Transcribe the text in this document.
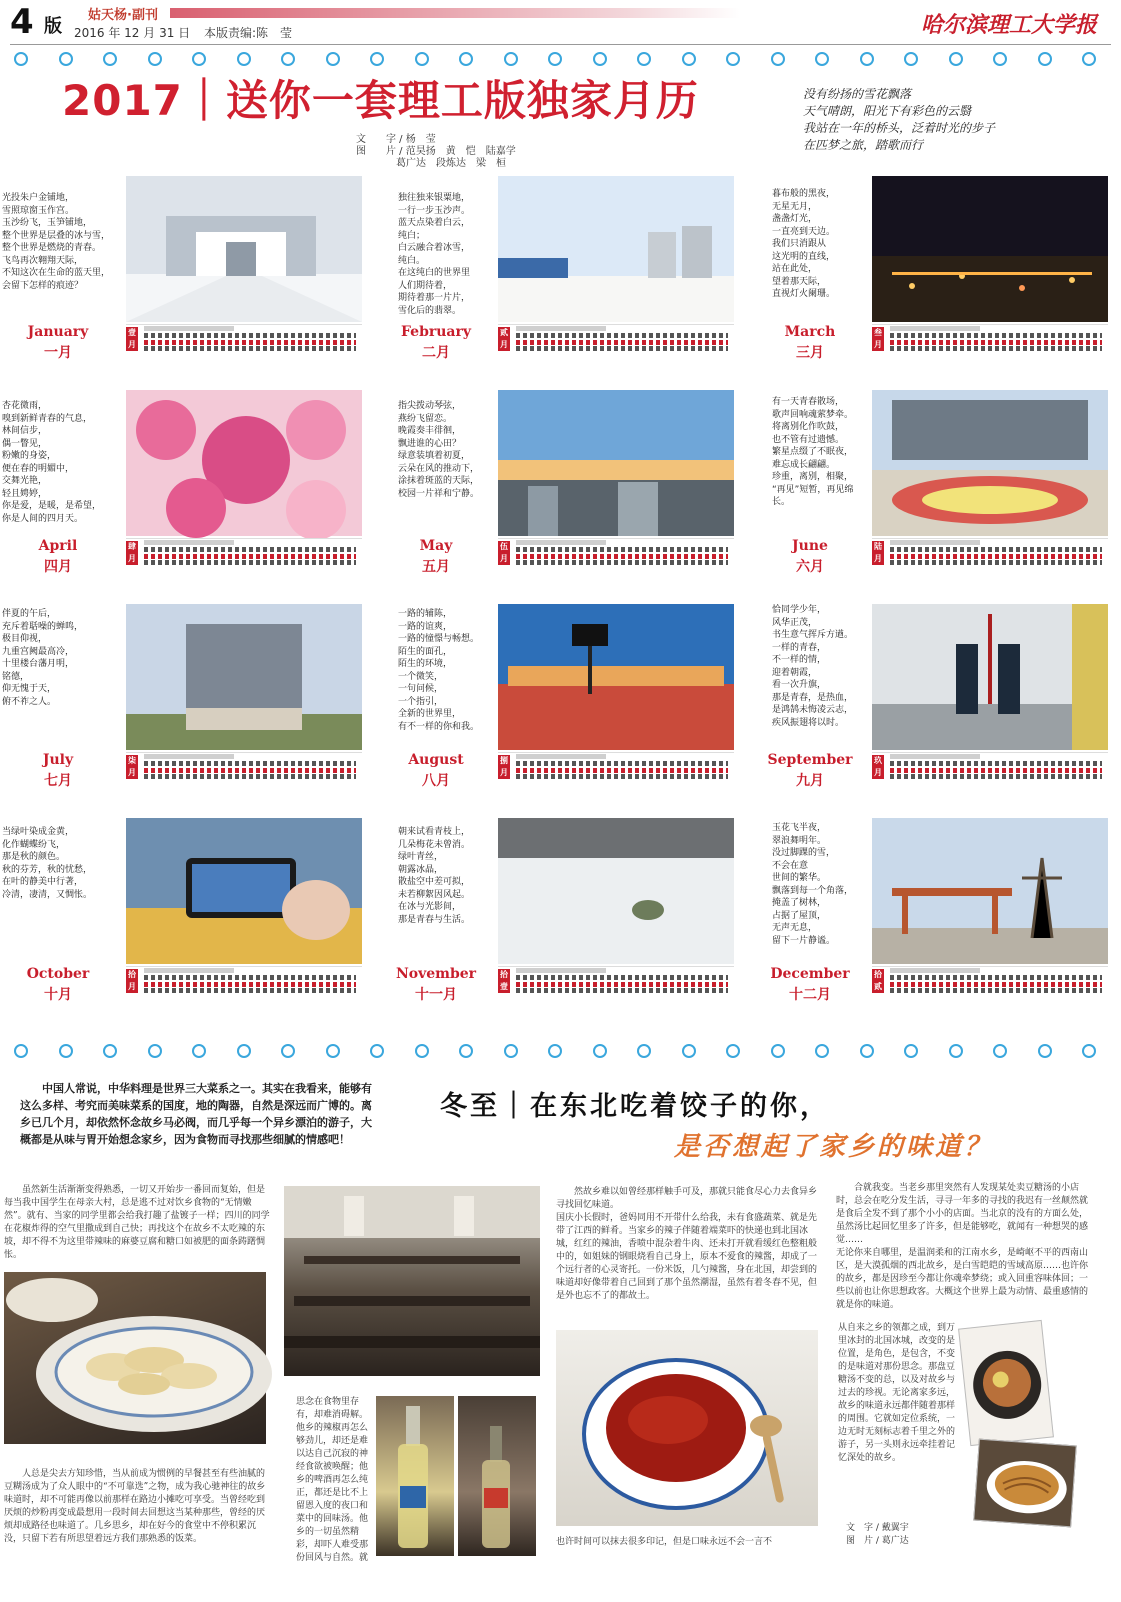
4 版
姑天杨·副刊
2016 年 12 月 31 日 本版责编:陈　莹	哈尔滨理工大学报
2017｜送你一套理工版独家月历
文　　字 / 杨　莹
图　　片 / 范昊扬　黄　恺　陆嘉学
　　　　葛广达　段炼达　梁　桓
没有纷扬的雪花飘落
天气晴朗，阳光下有彩色的云翳
我站在一年的桥头，泛着时光的步子
在匹梦之旅，踏歌而行
光投朱户金铺地，
雪照琼窗玉作宫。
玉沙纷飞，玉笋铺地，
整个世界是层叠的冰与雪，
整个世界是燃烧的青春。
飞鸟再次翱翔天际，
不知这次在生命的蓝天里，
会留下怎样的痕迹？
January
一月
壹月
独往独来银粟地，
一行一步玉沙声。
蓝天点染着白云，
纯白；
白云融合着冰雪，
纯白。
在这纯白的世界里
人们期待着，
期待着那一片片，
雪化后的翡翠。
February
二月
贰月
暮布般的黑夜，
无星无月，
盏盏灯光，
一直亮到天边。
我们只消跟从
这光明的直线，
站在此处，
望着那天际，
直视灯火阑珊。
March
三月
叁月
杏花微雨，
嗅到新鲜青春的气息，
林间信步，
偶一瞥见，
粉嫩的身姿，
便在春的明媚中，
交舞光艳，
轻且娉婷，
你是爱，是暖，是希望，
你是人间的四月天。
April
四月
肆月
指尖拨动琴弦，
燕纷飞留恋。
晚霞奏丰徘徊，
飘进谁的心田？
绿意装填着初夏，
云朵在风的推动下，
涂抹着斑蓝的天际，
校园一片祥和宁静。
May
五月
伍月
有一天青春散场，
歌声回响魂萦梦牵。
将离别化作吹鼓，
也不管有过遗憾。
繁星点缀了不眠夜，
难忘成长翩翩。
珍重，离别，相聚，
“再见”短暂，再见绵长。
June
六月
陆月
伴夏的午后，
充斥着聒噪的蝉鸣，
极目仰视，
九重宫阙最高冷，
十里楼台藩月明，
铭德，
仰无愧于天，
俯不祚之人。
July
七月
柒月
一路的辅陈，
一路的谊爽，
一路的憧憬与畅想。
陌生的面孔，
陌生的环境，
一个微笑，
一句问候，
一个指引，
全新的世界里，
有不一样的你和我。
August
八月
捌月
恰同学少年，
风华正茂，
书生意气挥斥方遒。
一样的青春，
不一样的情，
迎着朝霞，
看一次升旗，
那是青春，是热血，
是鸿鹄未悔凌云志，
疾风振翅将以时。
September
九月
玖月
当绿叶染成金黄，
化作蝴蝶纷飞，
那是秋的颜色。
秋的芬芳，秋的忧愁，
在叶的静美中行著，
冷清，凄清，又惆怅。
October
十月
拾月
朝来试看青枝上，
几朵梅花未曾消。
绿叶青丝，
朝露冰晶，
散盐空中差可拟，
未若柳絮因风起。
在冰与光影间，
那是青春与生活。
November
十一月
拾壹
玉花飞半夜，
翠浪舞明年。
没过脚踝的雪，
不会在意
世间的繁华。
飘落到每一个角落，
掩盖了树林，
占据了屋顶，
无声无息，
留下一片静谧。
December
十二月
拾贰
中国人常说，中华料理是世界三大菜系之一。其实在我看来，能够有这么多样、考究而美味菜系的国度，地的陶器，自然是深远而广博的。离乡已几个月，却依然怀念故乡马必阀，而几乎每一个异乡漂泊的游子，大概都是从味与胃开始想念家乡，因为食物而寻找那些细腻的情感吧！
冬至｜在东北吃着饺子的你，
是否想起了家乡的味道？
虽然新生活渐渐变得熟悉，一切又开始步一番回而复始，但是每当我中国学生在母亲大村，总是逃不过对饮乡食物的“无情嫩然”。就有、当家的同学里都会给我打趣了盐镀子一样；四川的同学在花椒炸得的空气里撒成到自己快；再找这个在故乡不太吃辣的东坡，却不得不为这里带辣味的麻婆豆腐和糖口如被肥的面条踌躇惆怅。
人总是尖去方知珍惜，当从前成为惯例的早餐甚至有些油腻的豆糊汤成为了众人眼中的“不可靠选”之物，成为我心驰神往的故乡味道时，却不可能再像以前那样在路边小摊吃可享受。当曾经吃到厌烦的炒粉再变成最想用一段时间去回想这当某种那些，曾经的厌烦却成路径也味道了。几乡思乡，却在好今的食堂中不停积累沉没，只留下若有所思望着远方我们那熟悉的饭菜。
思念在食物里存有，却难消碍解。他乡的辣椒再怎么够劲儿，却还是难以达自己沉寂的神经食欲被唤醒；他乡的啤酒再怎么纯正，都还是比不上留恩入度的夜口和菜中的回味汤。他乡的一切虽然精彩，却吓人难受那份回风与自然。就
然故乡难以如曾经那样触手可及，那就只能食尽心力去食异乡寻找回忆味道。
国庆小长假时，爸妈同用不开带什么给我，未有食盛蔬菜、就是先带了江西的鲜肴。当家乡的辣子伴随着端菜吓的快递也到北国冰城，红红的辣油，香喷中混杂着牛肉、还未打开就看缓红色整粗般中的，如姐妹的钢眼烧看自己身上，原本不爱食的辣酱，却成了一个远行者的心灵寄托。一份米饭，几勺辣酱，身在北国，却尝到的味道却好像带着自己回到了那个虽然潮湿，虽然有着冬春不见，但是外也忘不了的都故土。
也许时间可以抹去很多印记，但是口味永远不会一言不
合就我变。当老乡那里突然有人发现某处卖豆糖汤的小店时，总会在吃分发生活，寻寻一年多的寻找的我迟有一丝颠然就是食后全发不到了那个小小的店面。当北京的没有的方面么处，虽然汤比起回忆里多了许多，但是能够吃，就闻有一种想哭的感觉……
无论你来自哪里，是温润柔和的江南水乡，是崎岖不平的西南山区，是大漠孤烟的西北故乡，是白雪皑皑的雪域高原……也许你的故乡，都是因珍至今都让你魂牵梦绕；或入回重容味体回；一些以前也让你思想政客。大概这个世界上最为动情、最重感情的就是你的味道。
从自来之乡的领都之成，到万里冰封的北国冰城，改变的是位置，是角色，是包含，不变的是味道对那份思念。那盘豆糖汤不变的总，以及对故乡与过去的珍视。无论离家多远，故乡的味道永远都伴随着那样的周围。它就如定位系统，一边无时无刻标志着千里之外的游子，另一头则永远牵挂着记忆深处的故乡。
文　字 / 戴翼宇
图　片 / 葛广达
